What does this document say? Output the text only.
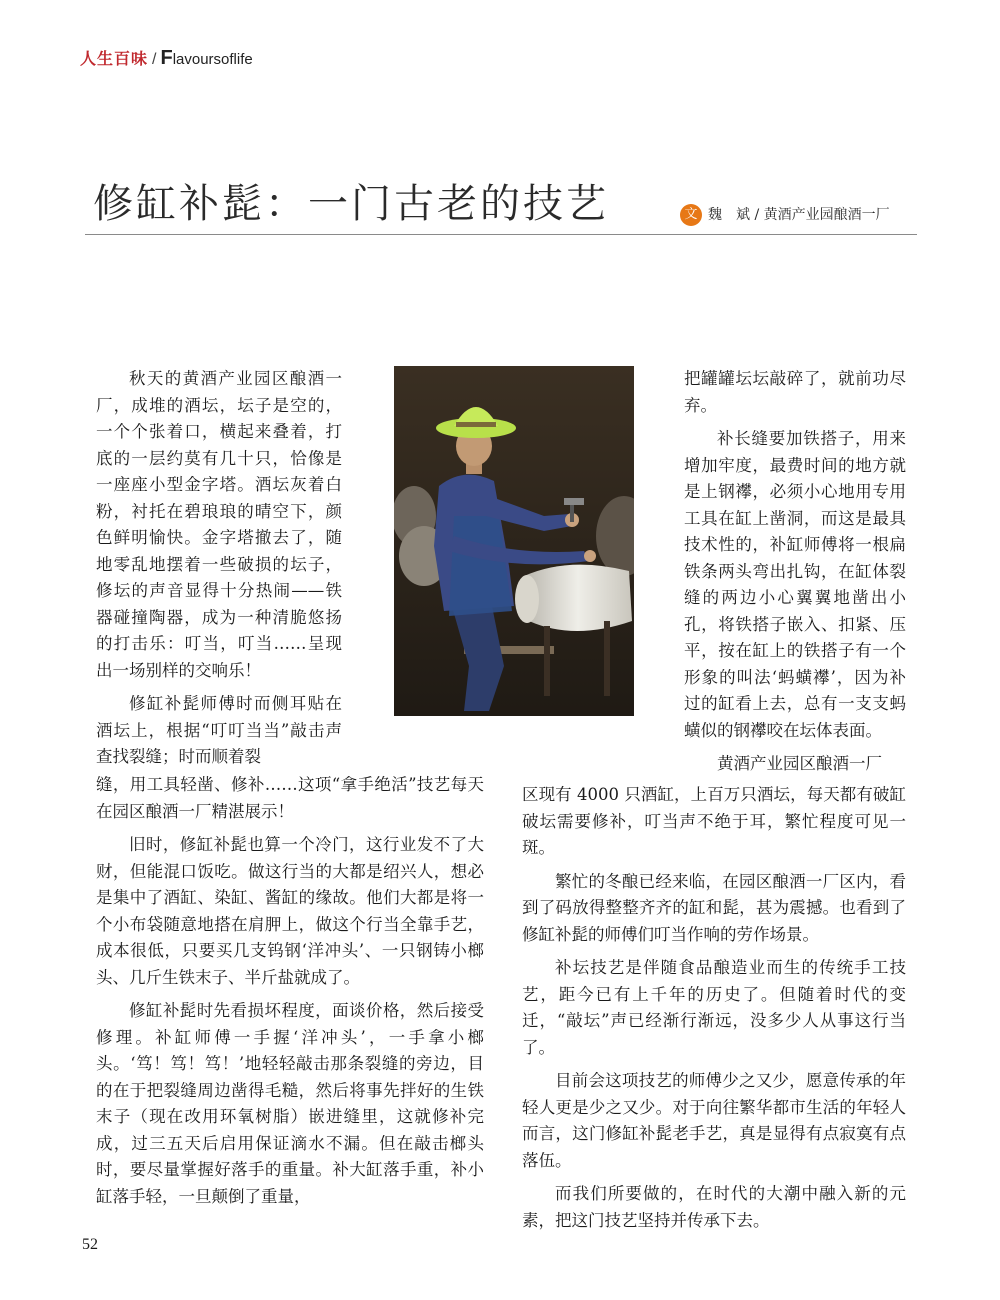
人生百味 / Flavoursoflife
修缸补髭：一门古老的技艺	文 魏　斌 / 黄酒产业园酿酒一厂

秋天的黄酒产业园区酿酒一厂，成堆的酒坛，坛子是空的，一个个张着口，横起来叠着，打底的一层约莫有几十只，恰像是一座座小型金字塔。酒坛灰着白粉，衬托在碧琅琅的晴空下，颜色鲜明愉快。金字塔撤去了，随地零乱地摆着一些破损的坛子，修坛的声音显得十分热闹——铁器碰撞陶器，成为一种清脆悠扬的打击乐：叮当，叮当……呈现出一场别样的交响乐！

修缸补髭师傅时而侧耳贴在酒坛上，根据“叮叮当当”敲击声查找裂缝；时而顺着裂

缝，用工具轻凿、修补……这项“拿手绝活”技艺每天在园区酿酒一厂精湛展示！

旧时，修缸补髭也算一个冷门，这行业发不了大财，但能混口饭吃。做这行当的大都是绍兴人，想必是集中了酒缸、染缸、酱缸的缘故。他们大都是将一个小布袋随意地搭在肩胛上，做这个行当全靠手艺，成本很低，只要买几支钨钢‘洋冲头’、一只钢铸小榔头、几斤生铁末子、半斤盐就成了。

修缸补髭时先看损坏程度，面谈价格，然后接受修理。补缸师傅一手握‘洋冲头’，一手拿小榔头。‘笃！笃！笃！’地轻轻敲击那条裂缝的旁边，目的在于把裂缝周边凿得毛糙，然后将事先拌好的生铁末子（现在改用环氧树脂）嵌进缝里，这就修补完成，过三五天后启用保证滴水不漏。但在敲击榔头时，要尽量掌握好落手的重量。补大缸落手重，补小缸落手轻，一旦颠倒了重量，

把罐罐坛坛敲碎了，就前功尽弃。

补长缝要加铁搭子，用来增加牢度，最费时间的地方就是上钢襻，必须小心地用专用工具在缸上凿洞，而这是最具技术性的，补缸师傅将一根扁铁条两头弯出扎钩，在缸体裂缝的两边小心翼翼地凿出小孔，将铁搭子嵌入、扣紧、压平，按在缸上的铁搭子有一个形象的叫法‘蚂蟥襻’，因为补过的缸看上去，总有一支支蚂蟥似的钢襻咬在坛体表面。

黄酒产业园区酿酒一厂

区现有 4000 只酒缸，上百万只酒坛，每天都有破缸破坛需要修补，叮当声不绝于耳，繁忙程度可见一斑。

繁忙的冬酿已经来临，在园区酿酒一厂区内，看到了码放得整整齐齐的缸和髭，甚为震撼。也看到了修缸补髭的师傅们叮当作响的劳作场景。

补坛技艺是伴随食品酿造业而生的传统手工技艺，距今已有上千年的历史了。但随着时代的变迁，“敲坛”声已经渐行渐远，没多少人从事这行当了。

目前会这项技艺的师傅少之又少，愿意传承的年轻人更是少之又少。对于向往繁华都市生活的年轻人而言，这门修缸补髭老手艺，真是显得有点寂寞有点落伍。

而我们所要做的，在时代的大潮中融入新的元素，把这门技艺坚持并传承下去。

52
